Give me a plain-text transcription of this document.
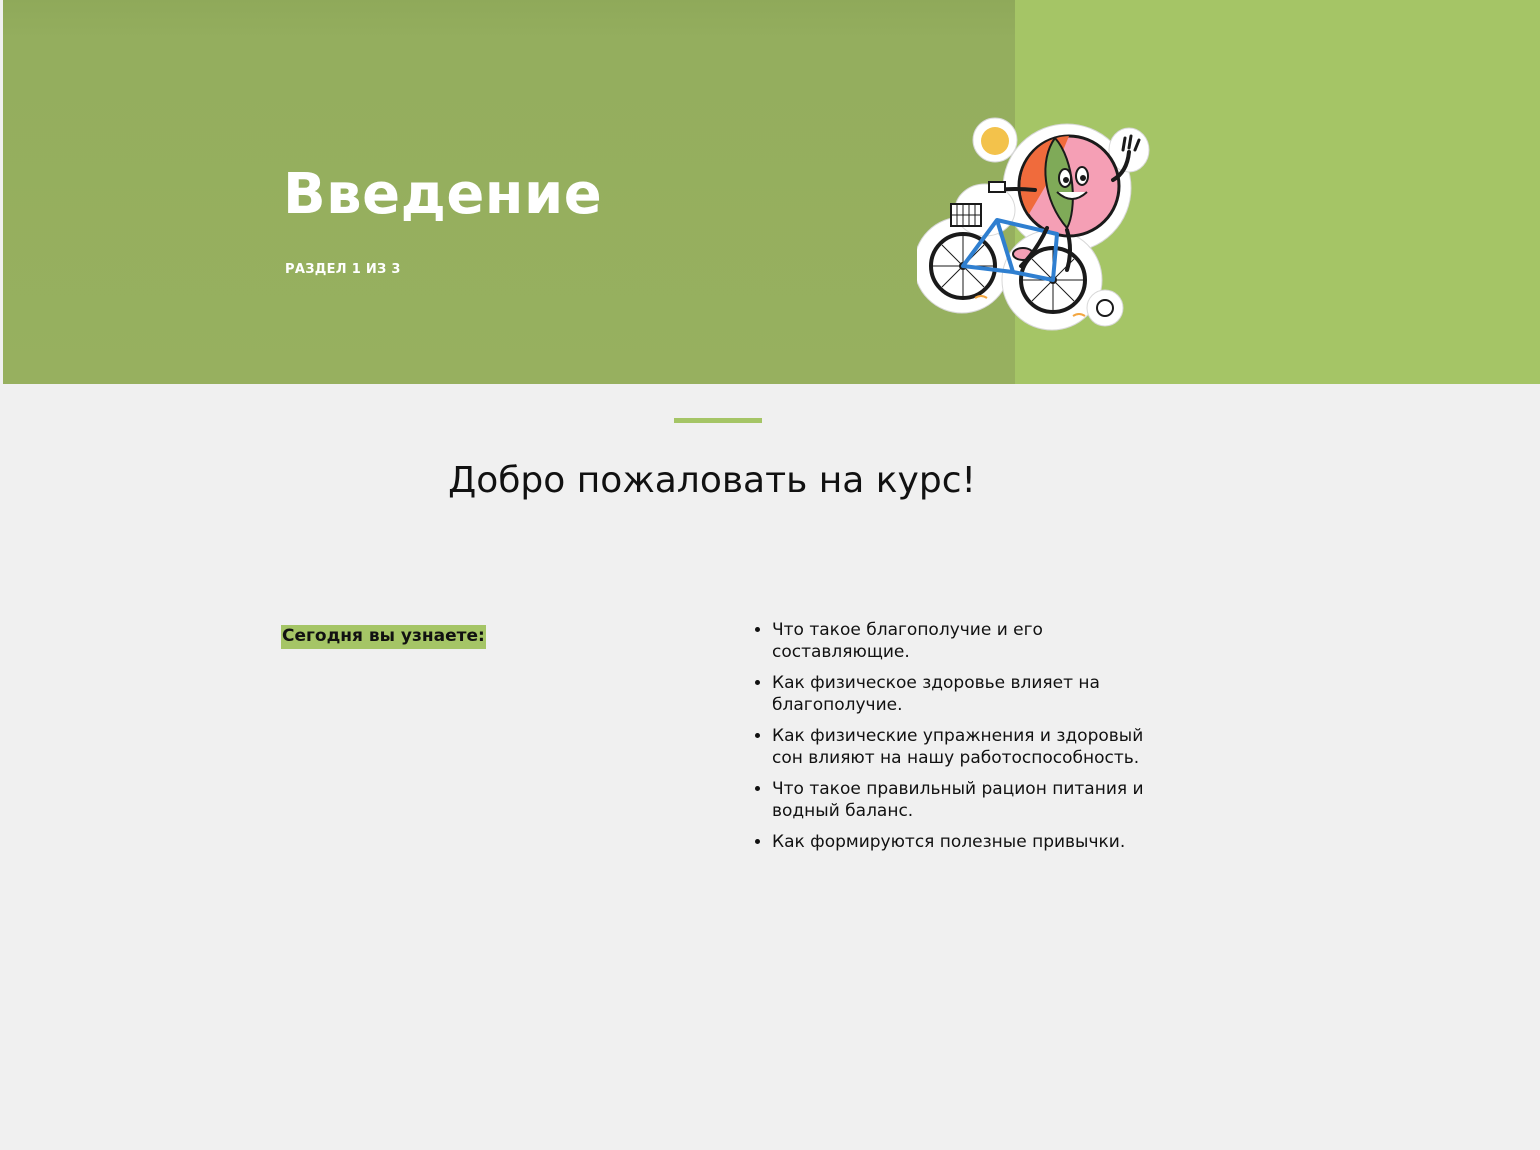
Введение
РАЗДЕЛ 1 ИЗ 3
Добро пожаловать на курс!
Сегодня вы узнаете:
•	Что такое благополучие и его составляющие.
• Как физическое здоровье влияет на благополучие.
• Как физические упражнения и здоровый сон влияют на нашу работоспособность.
• Что такое правильный рацион питания и водный баланс.
• Как формируются полезные привычки.
